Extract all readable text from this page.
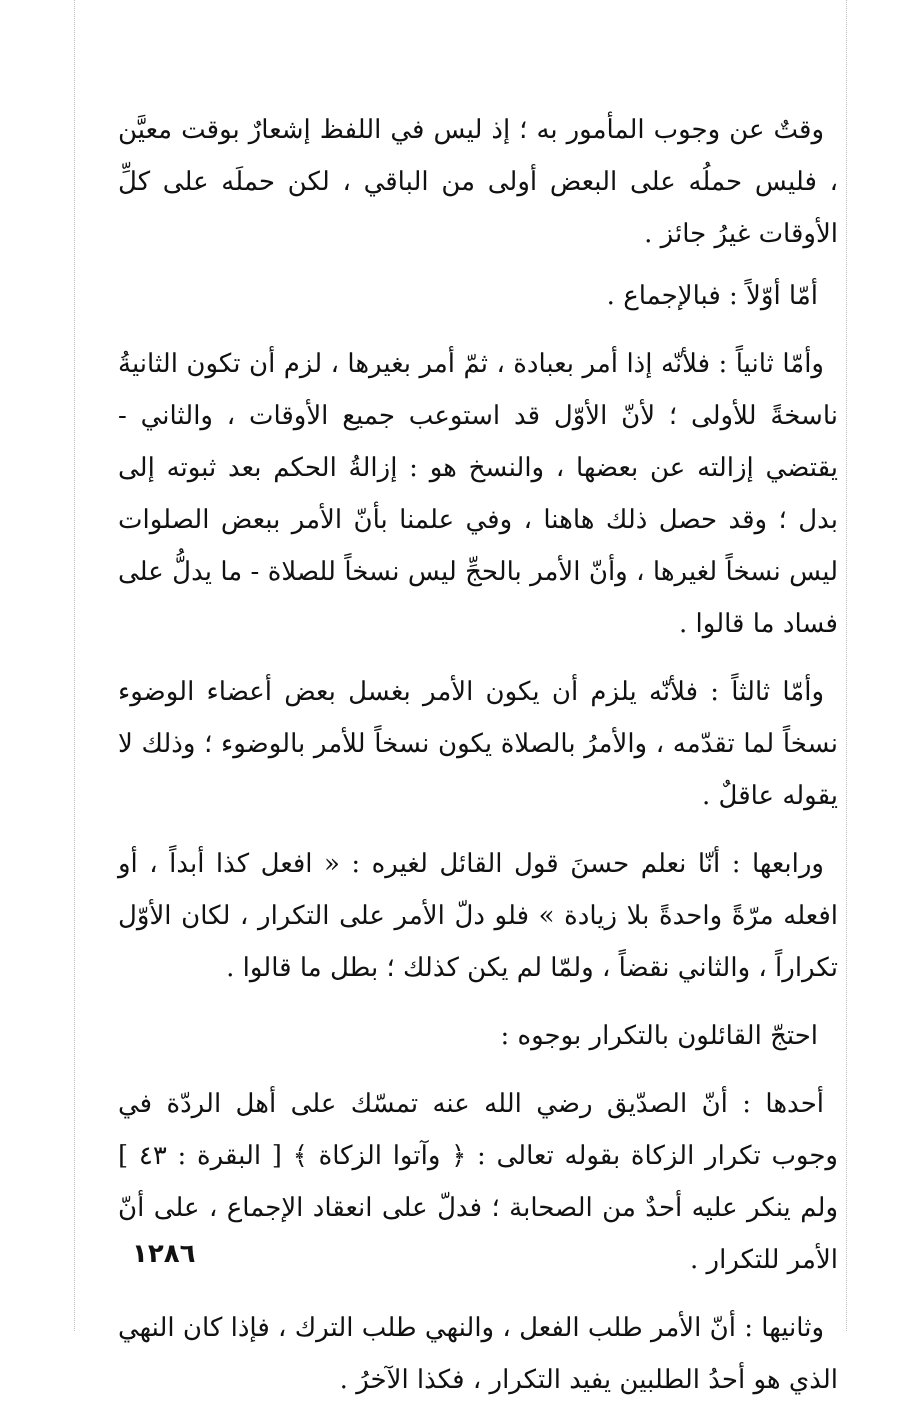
وقتٌ عن وجوب المأمور به ؛ إذ ليس في اللفظ إشعارٌ بوقت معيَّن ، فليس حملُه على البعض أولى من الباقي ، لكن حملَه على كلِّ الأوقات غيرُ جائز .

أمّا أوّلاً : فبالإجماع .

وأمّا ثانياً : فلأنّه إذا أمر بعبادة ، ثمّ أمر بغيرها ، لزم أن تكون الثانيةُ ناسخةً للأولى ؛ لأنّ الأوّل قد استوعب جميع الأوقات ، والثاني - يقتضي إزالته عن بعضها ، والنسخ هو : إزالةُ الحكم بعد ثبوته إلى بدل ؛ وقد حصل ذلك هاهنا ، وفي علمنا بأنّ الأمر ببعض الصلوات ليس نسخاً لغيرها ، وأنّ الأمر بالحجِّ ليس نسخاً للصلاة - ما يدلُّ على فساد ما قالوا .

وأمّا ثالثاً : فلأنّه يلزم أن يكون الأمر بغسل بعض أعضاء الوضوء نسخاً لما تقدّمه ، والأمرُ بالصلاة يكون نسخاً للأمر بالوضوء ؛ وذلك لا يقوله عاقلٌ .

ورابعها : أنّا نعلم حسنَ قول القائل لغيره : « افعل كذا أبداً ، أو افعله مرّةً واحدةً بلا زيادة » فلو دلّ الأمر على التكرار ، لكان الأوّل تكراراً ، والثاني نقضاً ، ولمّا لم يكن كذلك ؛ بطل ما قالوا .

احتجّ القائلون بالتكرار بوجوه :

أحدها : أنّ الصدّيق رضي الله عنه تمسّك على أهل الردّة في وجوب تكرار الزكاة بقوله تعالى : ﴿ وآتوا الزكاة ﴾ [ البقرة : ٤٣ ] ولم ينكر عليه أحدٌ من الصحابة ؛ فدلّ على انعقاد الإجماع ، على أنّ الأمر للتكرار .

وثانيها : أنّ الأمر طلب الفعل ، والنهي طلب الترك ، فإذا كان النهي الذي هو أحدُ الطلبين يفيد التكرار ، فكذا الآخرُ .

١٢٨٦
